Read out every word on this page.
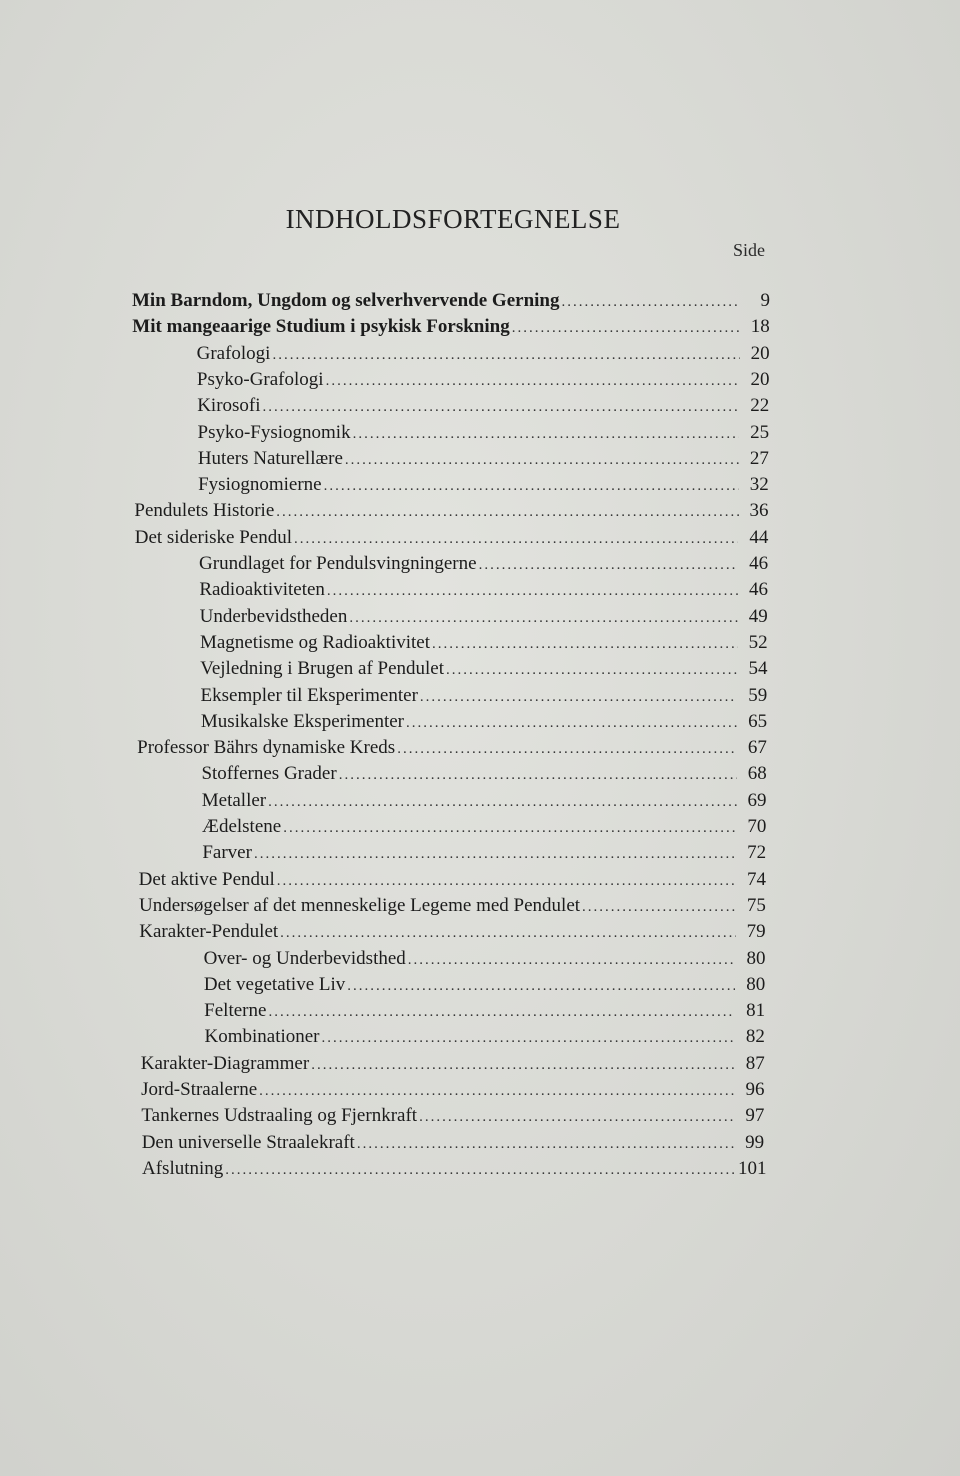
INDHOLDSFORTEGNELSE
Side
Min Barndom, Ungdom og selverhvervende Gerning .....	9
Mit mangeaarige Studium i psykisk Forskning .....	18
Grafologi .....	20
Psyko-Grafologi .....	20
Kirosofi .....	22
Psyko-Fysiognomik .....	25
Huters Naturellære .....	27
Fysiognomierne .....	32
Pendulets Historie .....	36
Det sideriske Pendul .....	44
Grundlaget for Pendulsvingningerne .....	46
Radioaktiviteten .....	46
Underbevidstheden .....	49
Magnetisme og Radioaktivitet .....	52
Vejledning i Brugen af Pendulet .....	54
Eksempler til Eksperimenter .....	59
Musikalske Eksperimenter .....	65
Professor Bährs dynamiske Kreds .....	67
Stoffernes Grader .....	68
Metaller .....	69
Ædelstene .....	70
Farver .....	72
Det aktive Pendul .....	74
Undersøgelser af det menneskelige Legeme med Pendulet .....	75
Karakter-Pendulet .....	79
Over- og Underbevidsthed .....	80
Det vegetative Liv .....	80
Felterne .....	81
Kombinationer .....	82
Karakter-Diagrammer .....	87
Jord-Straalerne .....	96
Tankernes Udstraaling og Fjernkraft .....	97
Den universelle Straalekraft .....	99
Afslutning .....	101
